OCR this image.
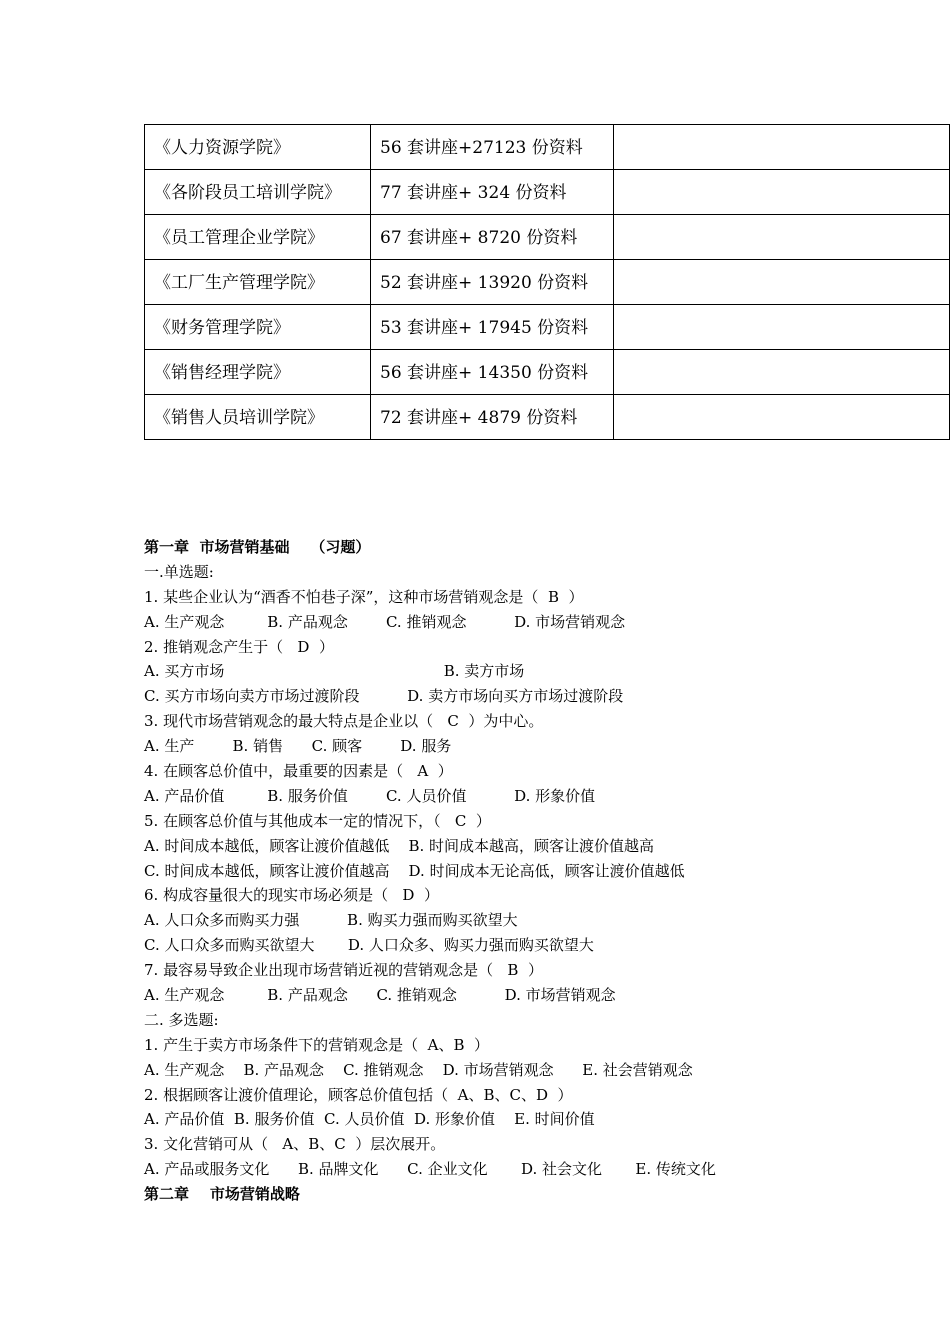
《人力资源学院》	56 套讲座+27123 份资料	
《各阶段员工培训学院》	77 套讲座+ 324 份资料	
《员工管理企业学院》	67 套讲座+ 8720 份资料	
《工厂生产管理学院》	52 套讲座+ 13920 份资料	
《财务管理学院》	53 套讲座+ 17945 份资料	
《销售经理学院》	56 套讲座+ 14350 份资料	
《销售人员培训学院》	72 套讲座+ 4879 份资料	
第一章  市场营销基础    （习题）
一.单选题:
1. 某些企业认为“酒香不怕巷子深”，这种市场营销观念是（  B  ）
A. 生产观念         B. 产品观念        C. 推销观念          D. 市场营销观念
2. 推销观念产生于（   D  ）
A. 买方市场                                              B. 卖方市场
C. 买方市场向卖方市场过渡阶段          D. 卖方市场向买方市场过渡阶段
3. 现代市场营销观念的最大特点是企业以（   C  ）为中心。
A. 生产        B. 销售      C. 顾客        D. 服务
4. 在顾客总价值中，最重要的因素是（   A  ）
A. 产品价值         B. 服务价值        C. 人员价值          D. 形象价值
5. 在顾客总价值与其他成本一定的情况下，（   C  ）
A. 时间成本越低，顾客让渡价值越低    B. 时间成本越高，顾客让渡价值越高
C. 时间成本越低，顾客让渡价值越高    D. 时间成本无论高低，顾客让渡价值越低
6. 构成容量很大的现实市场必须是（   D  ）
A. 人口众多而购买力强          B. 购买力强而购买欲望大
C. 人口众多而购买欲望大       D. 人口众多、购买力强而购买欲望大
7. 最容易导致企业出现市场营销近视的营销观念是（   B  ）
A. 生产观念         B. 产品观念      C. 推销观念          D. 市场营销观念
二. 多选题:
1. 产生于卖方市场条件下的营销观念是（  A、B  ）
A. 生产观念    B. 产品观念    C. 推销观念    D. 市场营销观念      E. 社会营销观念
2. 根据顾客让渡价值理论，顾客总价值包括（  A、B、C、D  ）
A. 产品价值  B. 服务价值  C. 人员价值  D. 形象价值    E. 时间价值
3. 文化营销可从（   A、B、C  ）层次展开。
A. 产品或服务文化      B. 品牌文化      C. 企业文化       D. 社会文化       E. 传统文化
第二章    市场营销战略
